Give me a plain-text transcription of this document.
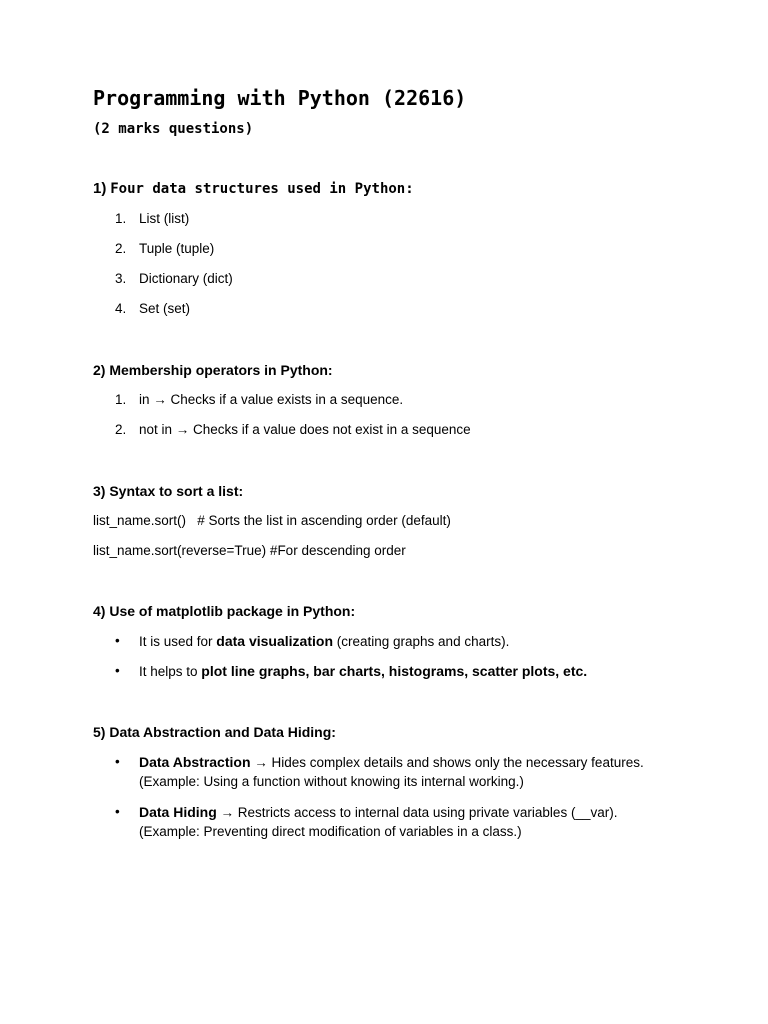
Programming with Python (22616)
(2 marks questions)
1) Four data structures used in Python:
1. List (list)
2. Tuple (tuple)
3. Dictionary (dict)
4. Set (set)
2) Membership operators in Python:
1. in → Checks if a value exists in a sequence.
2. not in → Checks if a value does not exist in a sequence
3) Syntax to sort a list:
list_name.sort()   # Sorts the list in ascending order (default)
list_name.sort(reverse=True) #For descending order
4) Use of matplotlib package in Python:
• It is used for data visualization (creating graphs and charts).
• It helps to plot line graphs, bar charts, histograms, scatter plots, etc.
5) Data Abstraction and Data Hiding:
• Data Abstraction → Hides complex details and shows only the necessary features.
(Example: Using a function without knowing its internal working.)
• Data Hiding → Restricts access to internal data using private variables (__var).
(Example: Preventing direct modification of variables in a class.)
